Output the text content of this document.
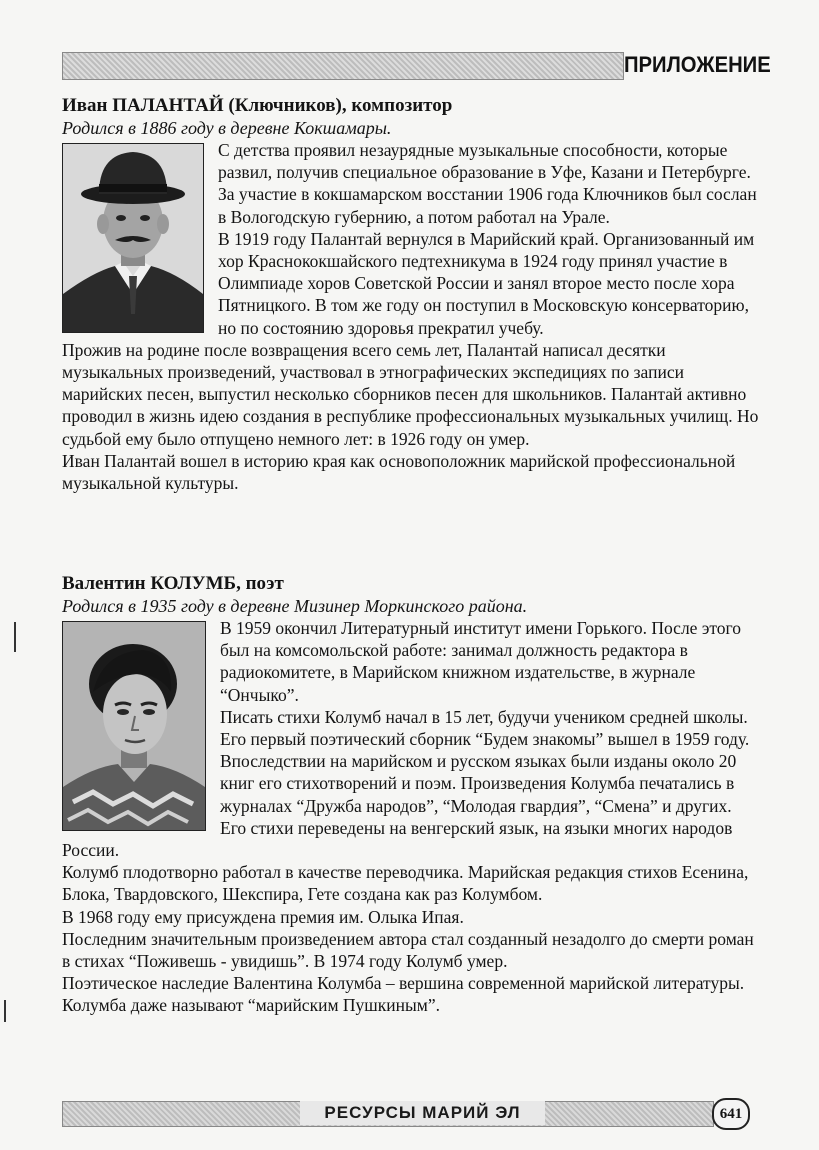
ПРИЛОЖЕНИЕ
Иван ПАЛАНТАЙ (Ключников), композитор
Родился в 1886 году в деревне Кокшамары.

С детства проявил незаурядные музыкальные способности, которые развил, получив специальное образование в Уфе, Казани и Петербурге. За участие в кокшамарском восстании 1906 года Ключников был сослан в Вологодскую губернию, а потом работал на Урале.

В 1919 году Палантай вернулся в Марийский край. Организованный им хор Краснококшайского педтехникума в 1924 году принял участие в Олимпиаде хоров Советской России и занял второе место после хора Пятницкого. В том же году он поступил в Московскую консерваторию, но по состоянию здоровья прекратил учебу.

Прожив на родине после возвращения всего семь лет, Палантай написал десятки музыкальных произведений, участвовал в этнографических экспедициях по записи марийских песен, выпустил несколько сборников песен для школьников. Палантай активно проводил в жизнь идею создания в республике профессиональных музыкальных училищ. Но судьбой ему было отпущено немного лет: в 1926 году он умер.

Иван Палантай вошел в историю края как основоположник марийской профессиональной музыкальной культуры.

Валентин КОЛУМБ, поэт
Родился в 1935 году в деревне Мизинер Моркинского района.

В 1959 окончил Литературный институт имени Горького. После этого был на комсомольской работе: занимал должность редактора в радиокомитете, в Марийском книжном издательстве, в журнале “Ончыко”.

Писать стихи Колумб начал в 15 лет, будучи учеником средней школы. Его первый поэтический сборник “Будем знакомы” вышел в 1959 году. Впоследствии на марийском и русском языках были изданы около 20 книг его стихотворений и поэм. Произведения Колумба печатались в журналах “Дружба народов”, “Молодая гвардия”, “Смена” и других. Его стихи переведены на венгерский язык, на языки многих народов России.

Колумб плодотворно работал в качестве переводчика. Марийская редакция стихов Есенина, Блока, Твардовского, Шекспира, Гете создана как раз Колумбом.

В 1968 году ему присуждена премия им. Олыка Ипая.

Последним значительным произведением автора стал созданный незадолго до смерти роман в стихах “Поживешь - увидишь”. В 1974 году Колумб умер.

Поэтическое наследие Валентина Колумба – вершина современной марийской литературы. Колумба даже называют “марийским Пушкиным”.

РЕСУРСЫ МАРИЙ ЭЛ	641
